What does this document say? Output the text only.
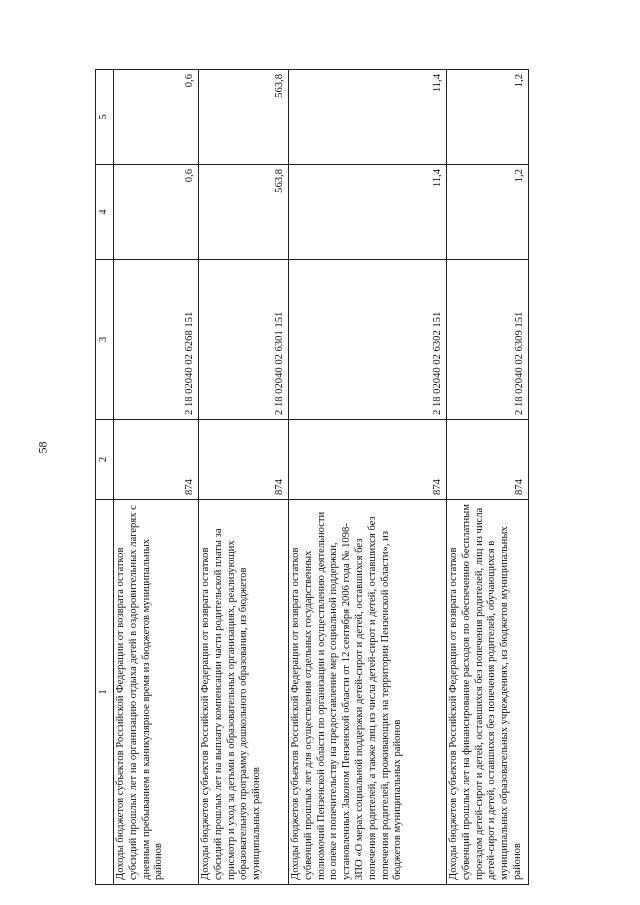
58
1	2	3	4	5
Доходы бюджетов субъектов Российской Федерации от возврата остатков субсидий прошлых лет на организацию отдыха детей в оздоровительных лагерях с дневным пребыванием в каникулярное время из бюджетов муниципальных районов	874	2 18 02040 02 6268 151	0,6	0,6
Доходы бюджетов субъектов Российской Федерации от возврата остатков субсидий прошлых лет на выплату компенсации части родительской платы за присмотр и уход за детьми в образовательных организациях, реализующих образовательную программу дошкольного образования, из бюджетов муниципальных районов	874	2 18 02040 02 6301 151	563,8	563,8
Доходы бюджетов субъектов Российской Федерации от возврата остатков субвенций прошлых лет для осуществления отдельных государственных полномочий Пензенской области по организации и осуществлению деятельности по опеке и попечительству на предоставление мер социальной поддержки, установленных Законом Пензенской области от 12 сентября 2006 года № 1098-ЗПО «О мерах социальной поддержки детей-сирот и детей, оставшихся без попечения родителей, а также лиц из числа детей-сирот и детей, оставшихся без попечения родителей, проживающих на территории Пензенской области», из бюджетов муниципальных районов	874	2 18 02040 02 6302 151	11,4	11,4
Доходы бюджетов субъектов Российской Федерации от возврата остатков субвенций прошлых лет на финансирование расходов по обеспечению бесплатным проездом детей-сирот и детей, оставшихся без попечения родителей, лиц из числа детей-сирот и детей, оставшихся без попечения родителей, обучающихся в муниципальных образовательных учреждениях, из бюджетов муниципальных районов	874	2 18 02040 02 6309 151	1,2	1,2
